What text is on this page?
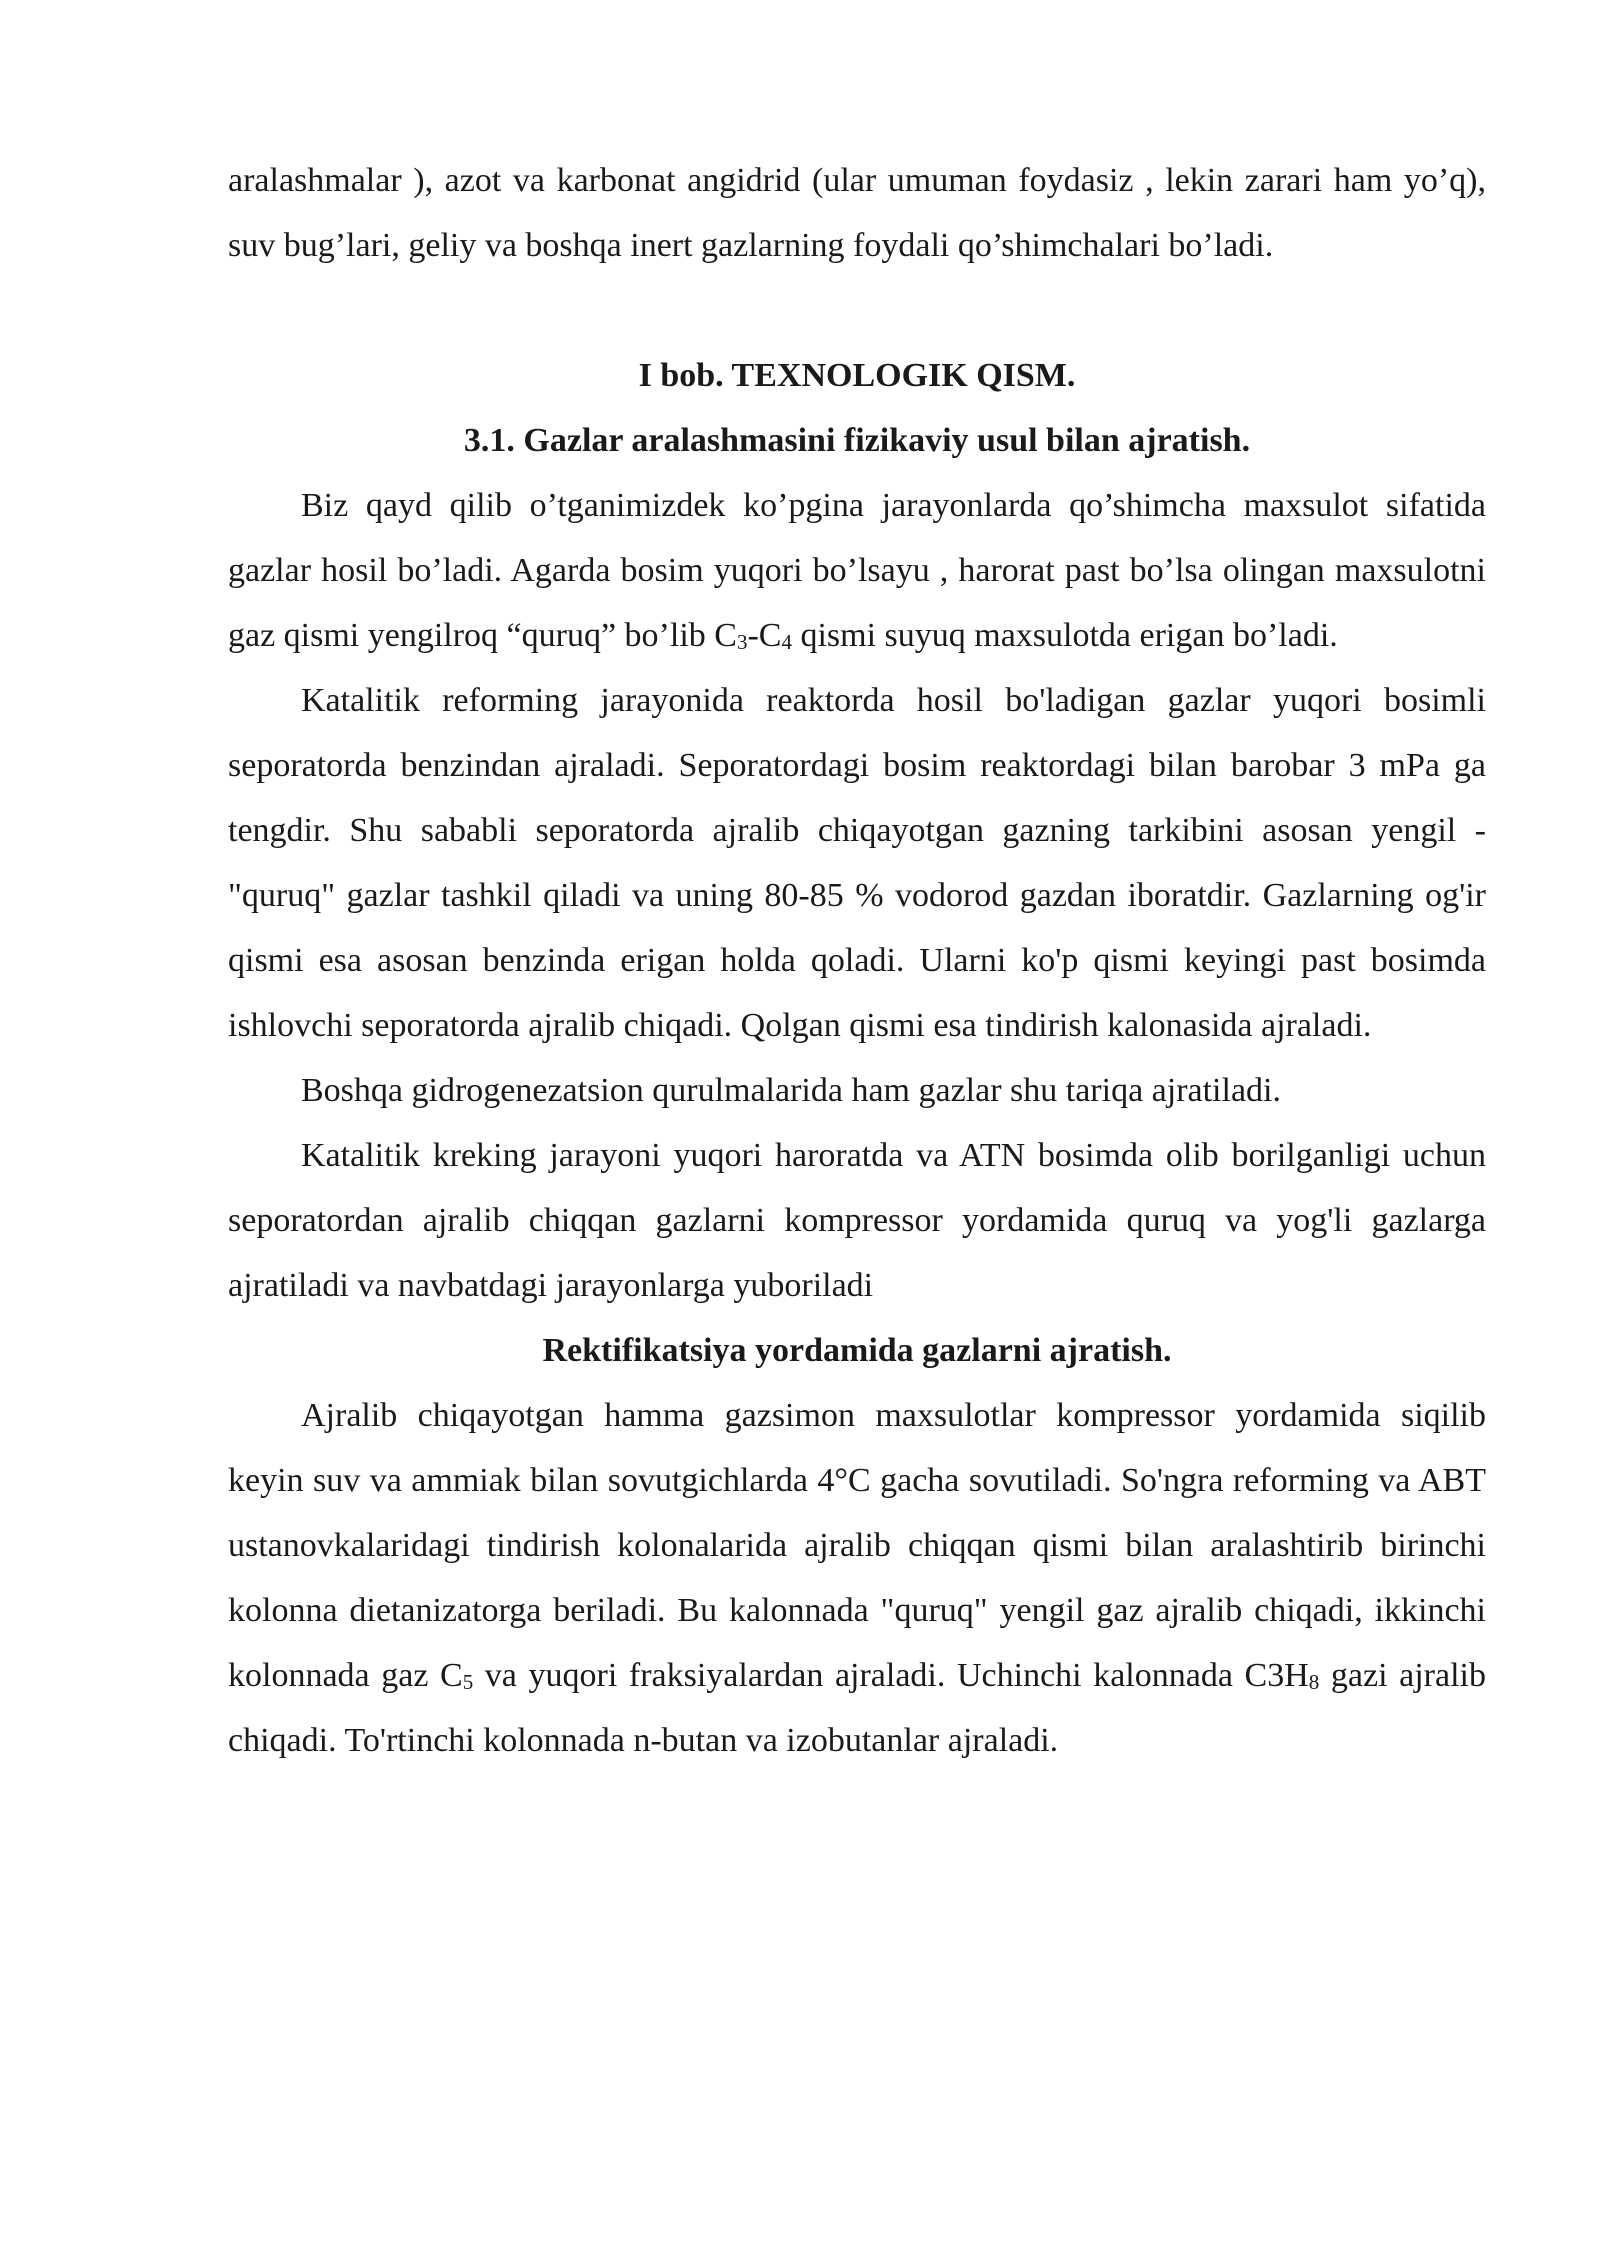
aralashmalar ), azot va karbonat angidrid (ular umuman foydasiz , lekin zarari ham yo’q), suv bug’lari, geliy va boshqa inert gazlarning foydali qo’shimchalari bo’ladi.

I bob. TEXNOLOGIK QISM.

3.1. Gazlar aralashmasini fizikaviy usul bilan ajratish.

Biz qayd qilib o’tganimizdek ko’pgina jarayonlarda qo’shimcha maxsulot sifatida gazlar hosil bo’ladi. Agarda bosim yuqori bo’lsayu , harorat past bo’lsa olingan maxsulotni gaz qismi yengilroq “quruq” bo’lib $C_3-C_4$ qismi suyuq maxsulotda erigan bo’ladi.

Katalitik reforming jarayonida reaktorda hosil bo'ladigan gazlar yuqori bosimli seporatorda benzindan ajraladi. Seporatordagi bosim reaktordagi bilan barobar 3 mPa ga tengdir. Shu sababli seporatorda ajralib chiqayotgan gazning tarkibini asosan yengil - "quruq" gazlar tashkil qiladi va uning 80-85 % vodorod gazdan iboratdir. Gazlarning og'ir qismi esa asosan benzinda erigan holda qoladi. Ularni ko'p qismi keyingi past bosimda ishlovchi seporatorda ajralib chiqadi. Qolgan qismi esa tindirish kalonasida ajraladi.

Boshqa gidrogenezatsion qurulmalarida ham gazlar shu tariqa ajratiladi.

Katalitik kreking jarayoni yuqori haroratda va ATN bosimda olib borilganligi uchun seporatordan ajralib chiqqan gazlarni kompressor yordamida quruq va yog'li gazlarga ajratiladi va navbatdagi jarayonlarga yuboriladi

Rektifikatsiya yordamida gazlarni ajratish.

Ajralib chiqayotgan hamma gazsimon maxsulotlar kompressor yordamida siqilib keyin suv va ammiak bilan sovutgichlarda 4°C gacha sovutiladi. So'ngra reforming va ABT ustanovkalaridagi tindirish kolonalarida ajralib chiqqan qismi bilan aralashtirib birinchi kolonna dietanizatorga beriladi. Bu kalonnada "quruq" yengil gaz ajralib chiqadi, ikkinchi kolonnada gaz $C_5$ va yuqori fraksiyalardan ajraladi. Uchinchi kalonnada $C3H_8$ gazi ajralib chiqadi. To'rtinchi kolonnada n-butan va izobutanlar ajraladi.
